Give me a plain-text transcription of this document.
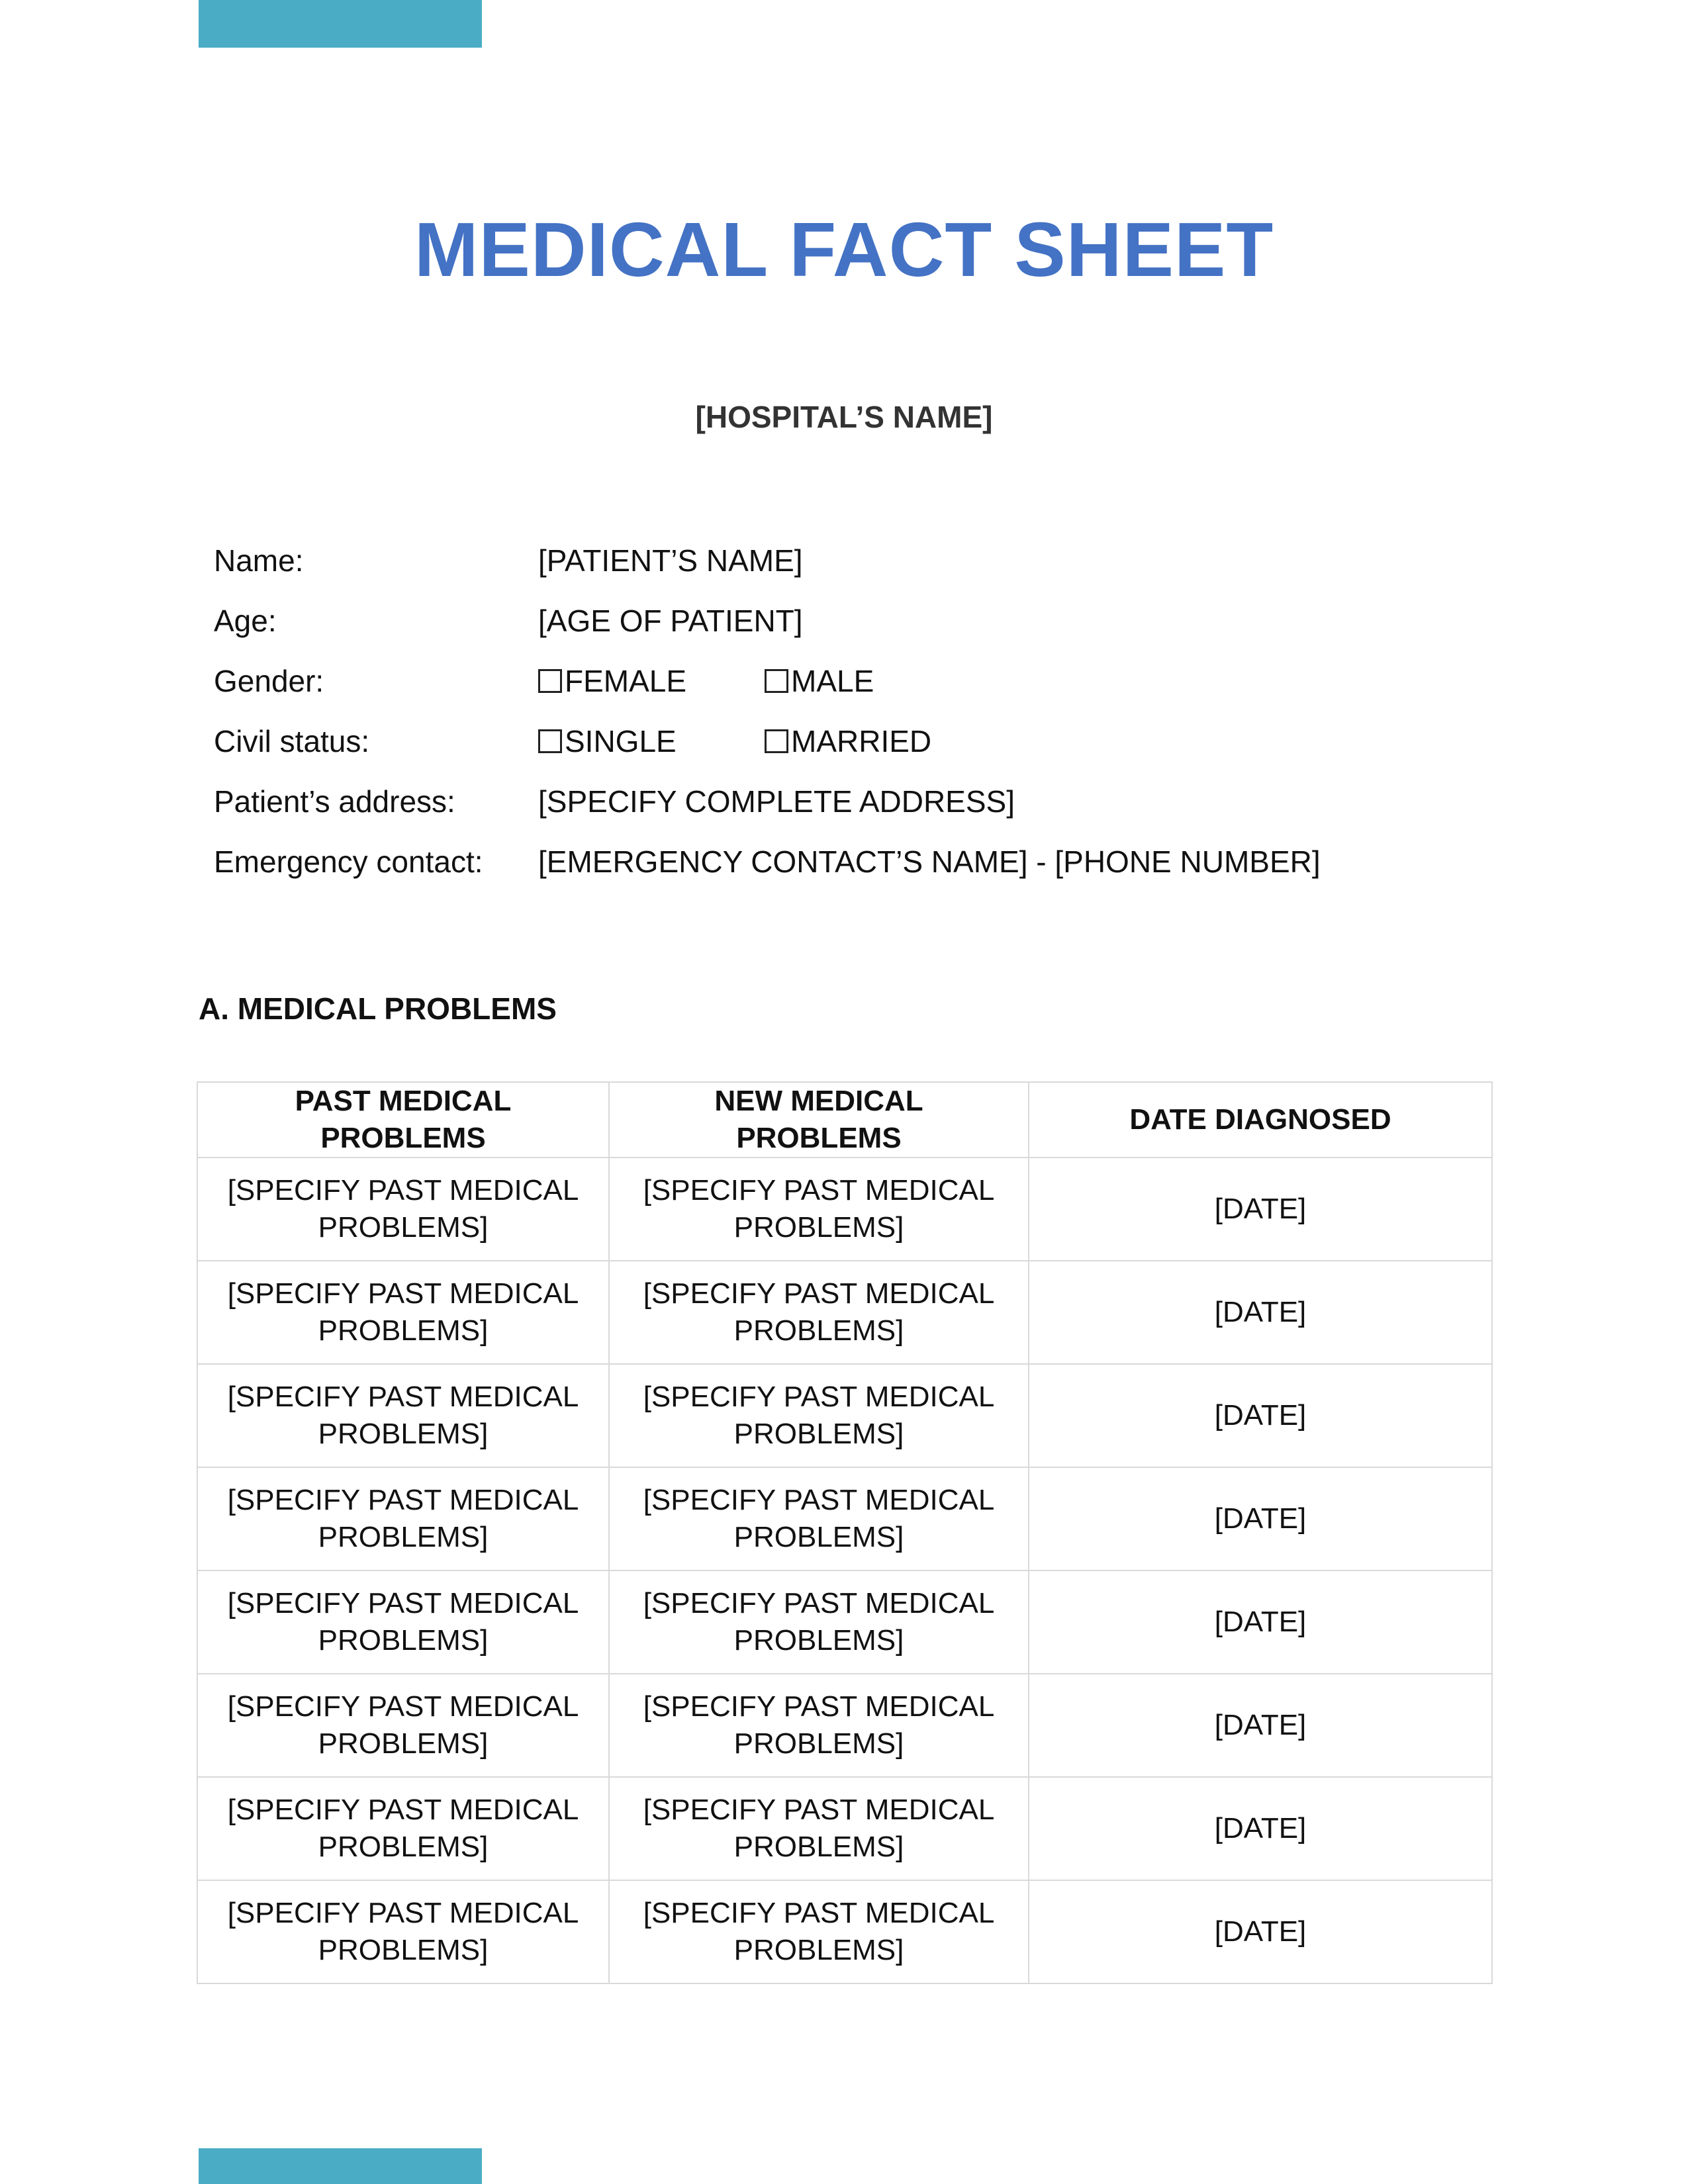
MEDICAL FACT SHEET
[HOSPITAL’S NAME]
Name:	[PATIENT’S NAME]
Age:	[AGE OF PATIENT]
Gender:	FEMALE	MALE
Civil status:	SINGLE	MARRIED
Patient’s address:	[SPECIFY COMPLETE ADDRESS]
Emergency contact:	[EMERGENCY CONTACT’S NAME] - [PHONE NUMBER]
A. MEDICAL PROBLEMS
PAST MEDICAL PROBLEMS	NEW MEDICAL PROBLEMS	DATE DIAGNOSED
[SPECIFY PAST MEDICAL PROBLEMS]	[SPECIFY PAST MEDICAL PROBLEMS]	[DATE]
[SPECIFY PAST MEDICAL PROBLEMS]	[SPECIFY PAST MEDICAL PROBLEMS]	[DATE]
[SPECIFY PAST MEDICAL PROBLEMS]	[SPECIFY PAST MEDICAL PROBLEMS]	[DATE]
[SPECIFY PAST MEDICAL PROBLEMS]	[SPECIFY PAST MEDICAL PROBLEMS]	[DATE]
[SPECIFY PAST MEDICAL PROBLEMS]	[SPECIFY PAST MEDICAL PROBLEMS]	[DATE]
[SPECIFY PAST MEDICAL PROBLEMS]	[SPECIFY PAST MEDICAL PROBLEMS]	[DATE]
[SPECIFY PAST MEDICAL PROBLEMS]	[SPECIFY PAST MEDICAL PROBLEMS]	[DATE]
[SPECIFY PAST MEDICAL PROBLEMS]	[SPECIFY PAST MEDICAL PROBLEMS]	[DATE]
